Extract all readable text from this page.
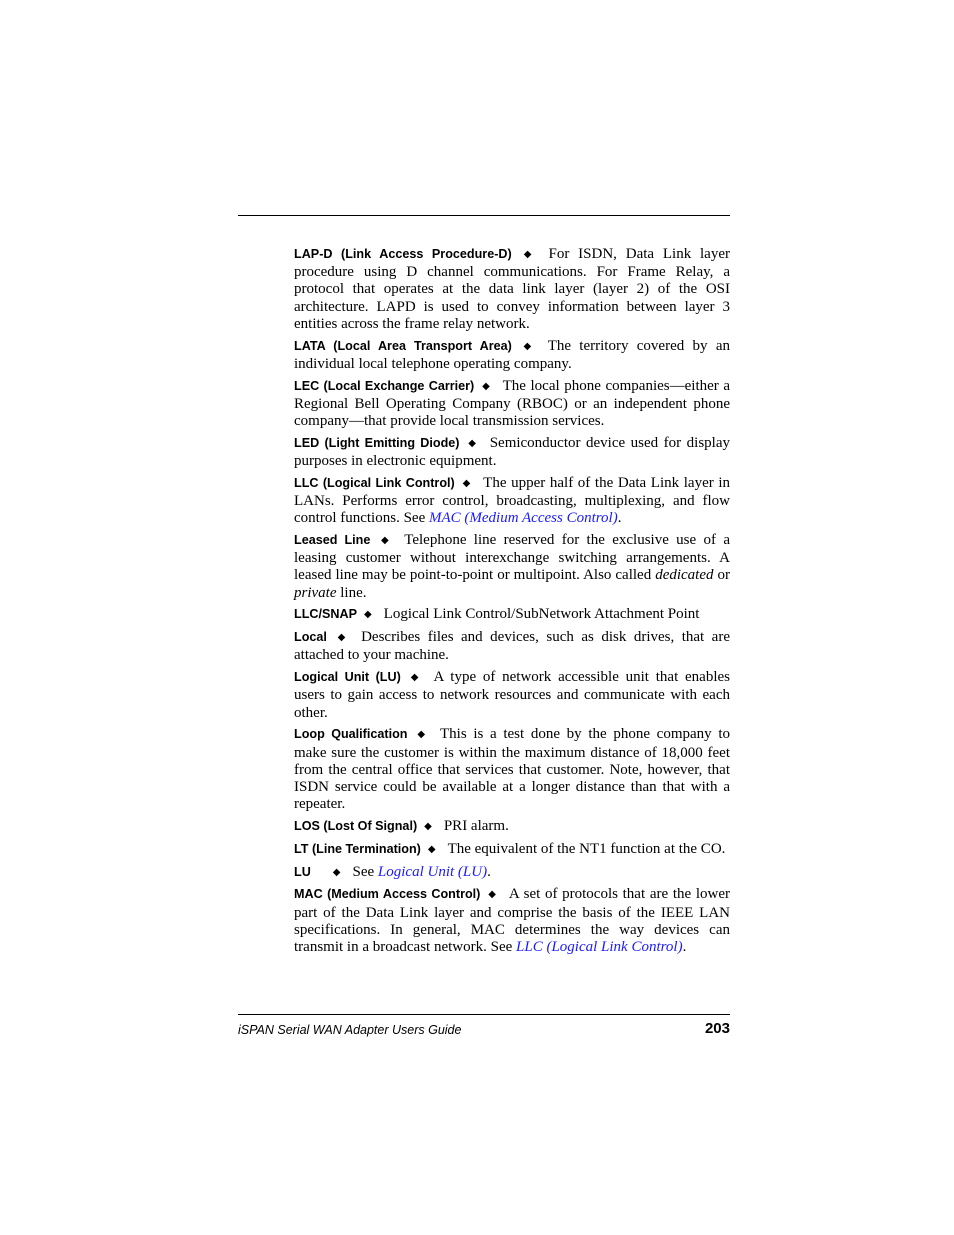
LAP-D (Link Access Procedure-D) ◆ For ISDN, Data Link layer procedure using D channel communications. For Frame Relay, a protocol that operates at the data link layer (layer 2) of the OSI architecture. LAPD is used to convey information between layer 3 entities across the frame relay network.

LATA (Local Area Transport Area) ◆ The territory covered by an individual local telephone operating company.

LEC (Local Exchange Carrier) ◆ The local phone companies—either a Regional Bell Operating Company (RBOC) or an independent phone company—that provide local transmission services.

LED (Light Emitting Diode) ◆ Semiconductor device used for display purposes in electronic equipment.

LLC (Logical Link Control) ◆ The upper half of the Data Link layer in LANs. Performs error control, broadcasting, multiplexing, and flow control functions. See MAC (Medium Access Control).

Leased Line ◆ Telephone line reserved for the exclusive use of a leasing customer without interexchange switching arrangements. A leased line may be point-to-point or multipoint. Also called dedicated or private line.

LLC/SNAP ◆ Logical Link Control/SubNetwork Attachment Point

Local ◆ Describes files and devices, such as disk drives, that are attached to your machine.

Logical Unit (LU) ◆ A type of network accessible unit that enables users to gain access to network resources and communicate with each other.

Loop Qualification ◆ This is a test done by the phone company to make sure the customer is within the maximum distance of 18,000 feet from the central office that services that customer. Note, however, that ISDN service could be available at a longer distance than that with a repeater.

LOS (Lost Of Signal) ◆ PRI alarm.

LT (Line Termination) ◆ The equivalent of the NT1 function at the CO.

LU ◆ See Logical Unit (LU).

MAC (Medium Access Control) ◆ A set of protocols that are the lower part of the Data Link layer and comprise the basis of the IEEE LAN specifications. In general, MAC determines the way devices can transmit in a broadcast network. See LLC (Logical Link Control).

iSPAN Serial WAN Adapter Users Guide	203
